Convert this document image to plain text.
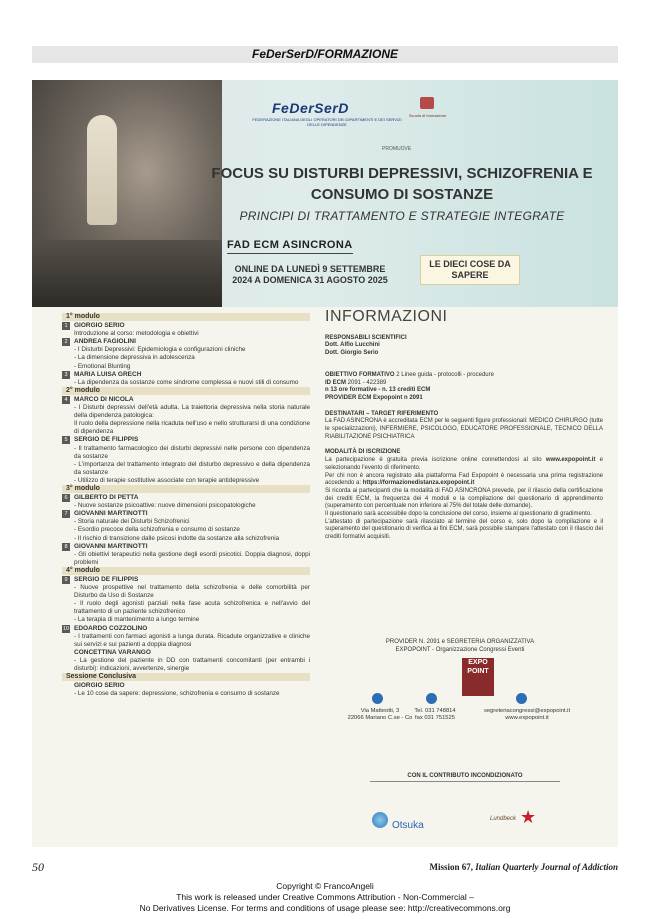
FeDerSerD/FORMAZIONE
FeDerSerD
FEDERAZIONE ITALIANA DEGLI OPERATORI DEI DIPARTIMENTI E DEI SERVIZI DELLE DIPENDENZE
Scuola di formazione
PROMUOVE
FOCUS SU DISTURBI DEPRESSIVI, SCHIZOFRENIA E CONSUMO DI SOSTANZE
PRINCIPI DI TRATTAMENTO E STRATEGIE INTEGRATE
FAD ECM ASINCRONA
ONLINE DA LUNEDÌ 9 SETTEMBRE 2024 A DOMENICA 31 AGOSTO 2025
LE DIECI COSE DA SAPERE
1° modulo
1 GIORGIO SERIO
Introduzione al corso: metodologia e obiettivi
2 ANDREA FAGIOLINI
- I Disturbi Depressivi: Epidemiologia e configurazioni cliniche
- La dimensione depressiva in adolescenza
- Emotional Blunting
3 MARIA LUISA GRECH
- La dipendenza da sostanze come sindrome complessa e nuovi stili di consumo
2° modulo
4 MARCO DI NICOLA
- I Disturbi depressivi dell'età adulta. La traiettoria depressiva nella storia naturale della dipendenza patologica:
Il ruolo della depressione nella ricaduta nell'uso e nello strutturarsi di una condizione di dipendenza
5 SERGIO DE FILIPPIS
- Il trattamento farmacologico dei disturbi depressivi nelle persone con dipendenza da sostanze
- L'importanza del trattamento integrato del disturbo depressivo e della dipendenza da sostanze
- Utilizzo di terapie sostitutive associate con terapie antidepressive
3° modulo
6 GILBERTO DI PETTA
- Nuove sostanze psicoattive: nuove dimensioni psicopatologiche
7 GIOVANNI MARTINOTTI
- Storia naturale dei Disturbi Schizofrenici
- Esordio precoce della schizofrenia e consumo di sostanze
- Il rischio di transizione dalle psicosi indotte da sostanze alla schizofrenia
8 GIOVANNI MARTINOTTI
- Gli obiettivi terapeutici nella gestione degli esordi psicotici. Doppia diagnosi, doppi problemi
4° modulo
9 SERGIO DE FILIPPIS
- Nuove prospettive nel trattamento della schizofrenia e delle comorbilità per Disturbo da Uso di Sostanze
- Il ruolo degli agonisti parziali nella fase acuta schizofrenica e nell'avvio del trattamento di un paziente schizofrenico
- La terapia di mantenimento a lungo termine
10 EDOARDO COZZOLINO
- I trattamenti con farmaci agonisti a lunga durata. Ricadute organizzative e cliniche sui servizi e sui pazienti a doppia diagnosi
CONCETTINA VARANGO
- La gestione del paziente in DD con trattamenti concomitanti (per entrambi i disturbi): indicazioni, avvertenze, sinergie
Sessione Conclusiva
GIORGIO SERIO
- Le 10 cose da sapere: depressione, schizofrenia e consumo di sostanze
INFORMAZIONI
RESPONSABILI SCIENTIFICI
Dott. Alfio Lucchini
Dott. Giorgio Serio
OBIETTIVO FORMATIVO 2 Linee guida - protocolli - procedure
ID ECM 2091 - 422389
n 13 ore formative - n. 13 crediti ECM
PROVIDER ECM Expopoint n 2091
DESTINATARI – TARGET RIFERIMENTO
La FAD ASINCRONA è accreditata ECM per le seguenti figure professionali: MEDICO CHIRURGO (tutte le specializzazioni), INFERMIERE, PSICOLOGO, EDUCATORE PROFESSIONALE, TECNICO DELLA RIABILITAZIONE PSICHIATRICA
MODALITÀ DI ISCRIZIONE
La partecipazione è gratuita previa iscrizione online connettendosi al sito www.expopoint.it e selezionando l'evento di riferimento.
Per chi non è ancora registrato alla piattaforma Fad Expopoint è necessaria una prima registrazione accedendo a: https://formazionedistanza.expopoint.it
Si ricorda ai partecipanti che la modalità di FAD ASINCRONA prevede, per il rilascio della certificazione dei crediti ECM, la frequenza dei 4 moduli e la compilazione del questionario di apprendimento (superamento con percentuale non inferiore al 75% del totale delle domande).
Il questionario sarà accessibile dopo la conclusione del corso, insieme al questionario di gradimento.
L'attestato di partecipazione sarà rilasciato al termine del corso e, solo dopo la compilazione e il superamento del questionario di verifica ai fini ECM, sarà possibile stampare l'attestato con il rilascio dei crediti formativi acquisiti.
PROVIDER N. 2091 e SEGRETERIA ORGANIZZATIVA
EXPOPOINT - Organizzazione Congressi Eventi
EXPO POINT
Via Matteotti, 3
22066 Mariano C.se - Co
Tel. 031 748814
fax 031 751525
segreteriacongressi@expopoint.it
www.expopoint.it
CON IL CONTRIBUTO INCONDIZIONATO
Otsuka
Lundbeck ★
50	Mission 67, Italian Quarterly Journal of Addiction
Copyright © FrancoAngeli
This work is released under Creative Commons Attribution - Non-Commercial –
No Derivatives License. For terms and conditions of usage please see: http://creativecommons.org
